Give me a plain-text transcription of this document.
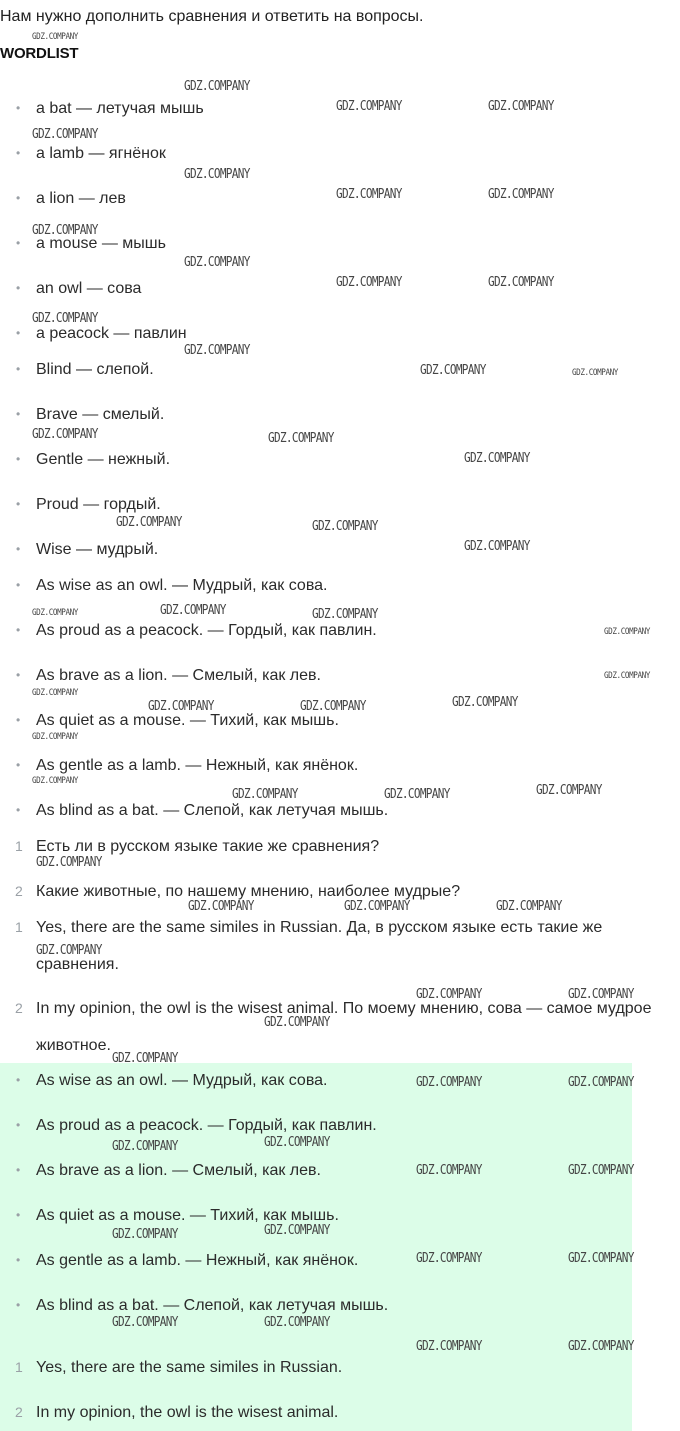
Нам нужно дополнить сравнения и ответить на вопросы.
WORDLIST
• a bat — летучая мышь
• a lamb — ягнёнок
• a lion — лев
• a mouse — мышь
• an owl — сова
• a peacock — павлин
• Blind — слепой.
• Brave — смелый.
• Gentle — нежный.
• Proud — гордый.
• Wise — мудрый.
• As wise as an owl. — Мудрый, как сова.
• As proud as a peacock. — Гордый, как павлин.
• As brave as a lion. — Смелый, как лев.
• As quiet as a mouse. — Тихий, как мышь.
• As gentle as a lamb. — Нежный, как янёнок.
• As blind as a bat. — Слепой, как летучая мышь.
1 Есть ли в русском языке такие же сравнения?
2 Какие животные, по нашему мнению, наиболее мудрые?
1 Yes, there are the same similes in Russian. Да, в русском языке есть такие же сравнения.
2 In my opinion, the owl is the wisest animal. По моему мнению, сова — самое мудрое животное.
• As wise as an owl. — Мудрый, как сова.
• As proud as a peacock. — Гордый, как павлин.
• As brave as a lion. — Смелый, как лев.
• As quiet as a mouse. — Тихий, как мышь.
• As gentle as a lamb. — Нежный, как янёнок.
• As blind as a bat. — Слепой, как летучая мышь.
1 Yes, there are the same similes in Russian.
2 In my opinion, the owl is the wisest animal.
GDZ.COMPANY
GDZ.COMPANY
GDZ.COMPANY	GDZ.COMPANY
GDZ.COMPANY
GDZ.COMPANY
GDZ.COMPANY	GDZ.COMPANY
GDZ.COMPANY
GDZ.COMPANY
GDZ.COMPANY	GDZ.COMPANY
GDZ.COMPANY
GDZ.COMPANY
GDZ.COMPANY	GDZ.COMPANY
GDZ.COMPANY	GDZ.COMPANY
GDZ.COMPANY
GDZ.COMPANY	GDZ.COMPANY
GDZ.COMPANY
GDZ.COMPANY	GDZ.COMPANY	GDZ.COMPANY
GDZ.COMPANY
GDZ.COMPANY
GDZ.COMPANY
GDZ.COMPANY	GDZ.COMPANY	GDZ.COMPANY
GDZ.COMPANY
GDZ.COMPANY
GDZ.COMPANY	GDZ.COMPANY	GDZ.COMPANY
GDZ.COMPANY
GDZ.COMPANY	GDZ.COMPANY	GDZ.COMPANY
GDZ.COMPANY
GDZ.COMPANY	GDZ.COMPANY
GDZ.COMPANY
GDZ.COMPANY
GDZ.COMPANY	GDZ.COMPANY
GDZ.COMPANY	GDZ.COMPANY
GDZ.COMPANY	GDZ.COMPANY
GDZ.COMPANY	GDZ.COMPANY
GDZ.COMPANY	GDZ.COMPANY
GDZ.COMPANY	GDZ.COMPANY
GDZ.COMPANY	GDZ.COMPANY
